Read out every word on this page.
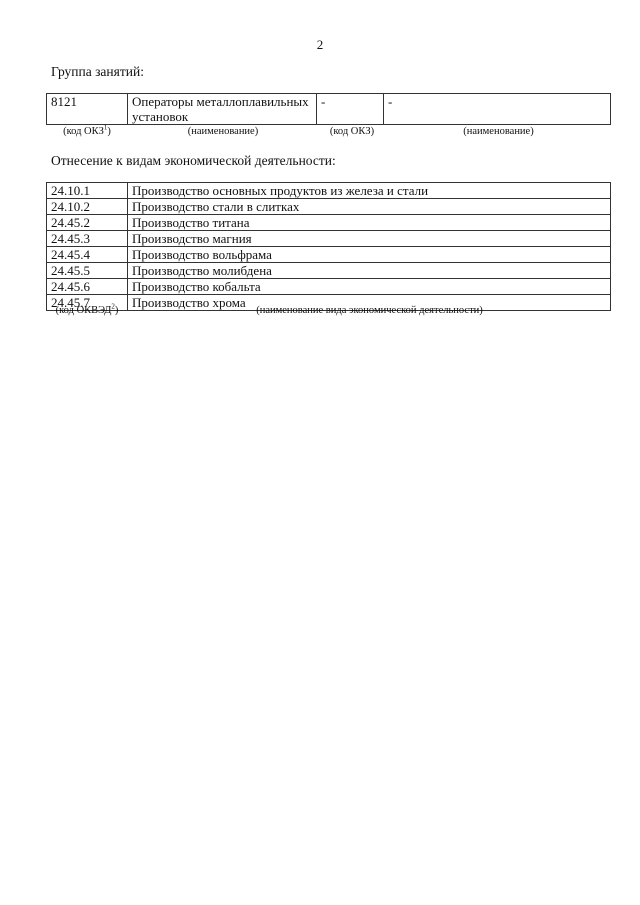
2
Группа занятий:
8121	Операторы металлоплавильных установок	-	-
(код ОКЗ$^1$)	(наименование)	(код ОКЗ)	(наименование)
Отнесение к видам экономической деятельности:
24.10.1	Производство основных продуктов из железа и стали
24.10.2	Производство стали в слитках
24.45.2	Производство титана
24.45.3	Производство магния
24.45.4	Производство вольфрама
24.45.5	Производство молибдена
24.45.6	Производство кобальта
24.45.7	Производство хрома
(код ОКВЭД$^2$)	(наименование вида экономической деятельности)
